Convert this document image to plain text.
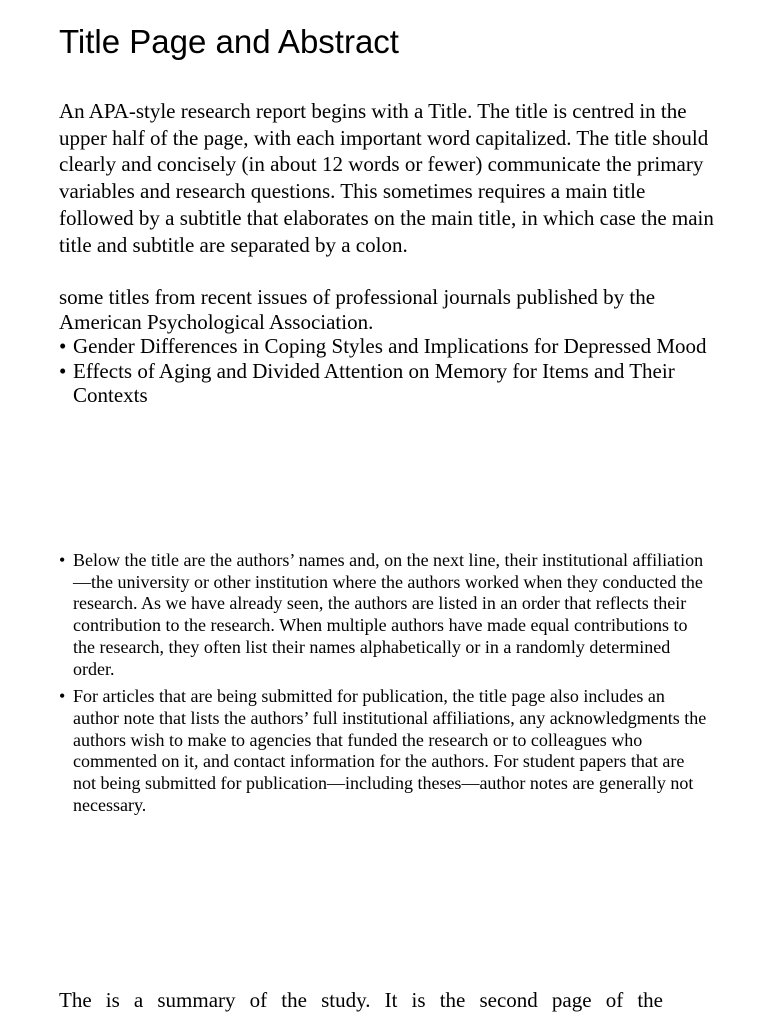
Title Page and Abstract

An APA-style research report begins with a Title. The title is centred in the upper half of the page, with each important word capitalized. The title should clearly and concisely (in about 12 words or fewer) communicate the primary variables and research questions. This sometimes requires a main title followed by a subtitle that elaborates on the main title, in which case the main title and subtitle are separated by a colon.

some titles from recent issues of professional journals published by the American Psychological Association.

• Gender Differences in Coping Styles and Implications for Depressed Mood
• Effects of Aging and Divided Attention on Memory for Items and Their Contexts
• Below the title are the authors’ names and, on the next line, their institutional affiliation—the university or other institution where the authors worked when they conducted the research. As we have already seen, the authors are listed in an order that reflects their contribution to the research. When multiple authors have made equal contributions to the research, they often list their names alphabetically or in a randomly determined order.
• For articles that are being submitted for publication, the title page also includes an author note that lists the authors’ full institutional affiliations, any acknowledgments the authors wish to make to agencies that funded the research or to colleagues who commented on it, and contact information for the authors. For student papers that are not being submitted for publication—including theses—author notes are generally not necessary.

The is a summary of the study. It is the second page of the
